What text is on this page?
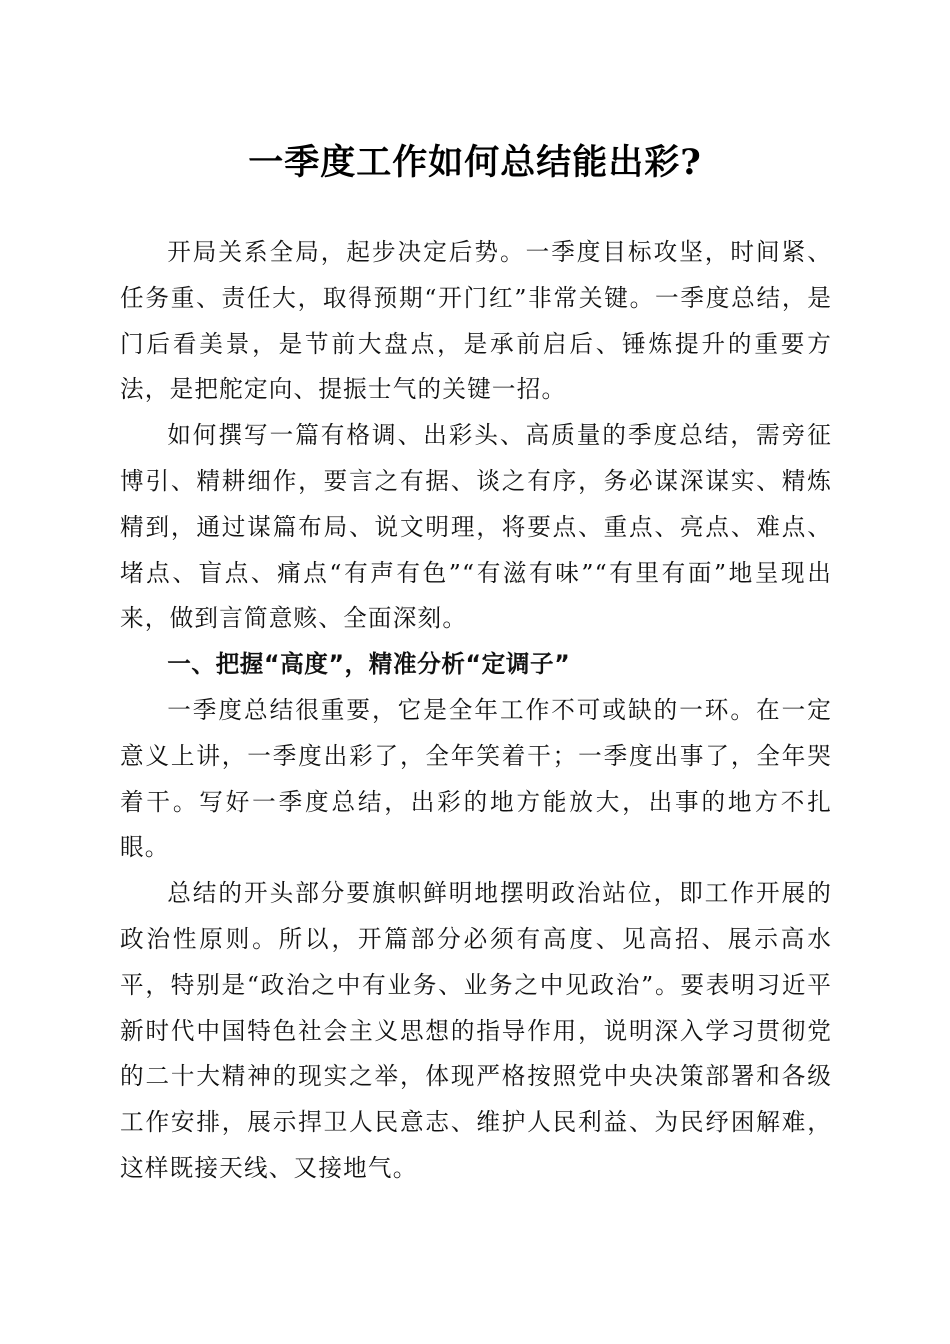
一季度工作如何总结能出彩?

开局关系全局，起步决定后势。一季度目标攻坚，时间紧、任务重、责任大，取得预期“开门红”非常关键。一季度总结，是门后看美景，是节前大盘点，是承前启后、锤炼提升的重要方法，是把舵定向、提振士气的关键一招。

如何撰写一篇有格调、出彩头、高质量的季度总结，需旁征博引、精耕细作，要言之有据、谈之有序，务必谋深谋实、精炼精到，通过谋篇布局、说文明理，将要点、重点、亮点、难点、堵点、盲点、痛点“有声有色”“有滋有味”“有里有面”地呈现出来，做到言简意赅、全面深刻。

一、把握“高度”，精准分析“定调子”

一季度总结很重要，它是全年工作不可或缺的一环。在一定意义上讲，一季度出彩了，全年笑着干；一季度出事了，全年哭着干。写好一季度总结，出彩的地方能放大，出事的地方不扎眼。

总结的开头部分要旗帜鲜明地摆明政治站位，即工作开展的政治性原则。所以，开篇部分必须有高度、见高招、展示高水平，特别是“政治之中有业务、业务之中见政治”。要表明习近平新时代中国特色社会主义思想的指导作用，说明深入学习贯彻党的二十大精神的现实之举，体现严格按照党中央决策部署和各级工作安排，展示捍卫人民意志、维护人民利益、为民纾困解难，这样既接天线、又接地气。
